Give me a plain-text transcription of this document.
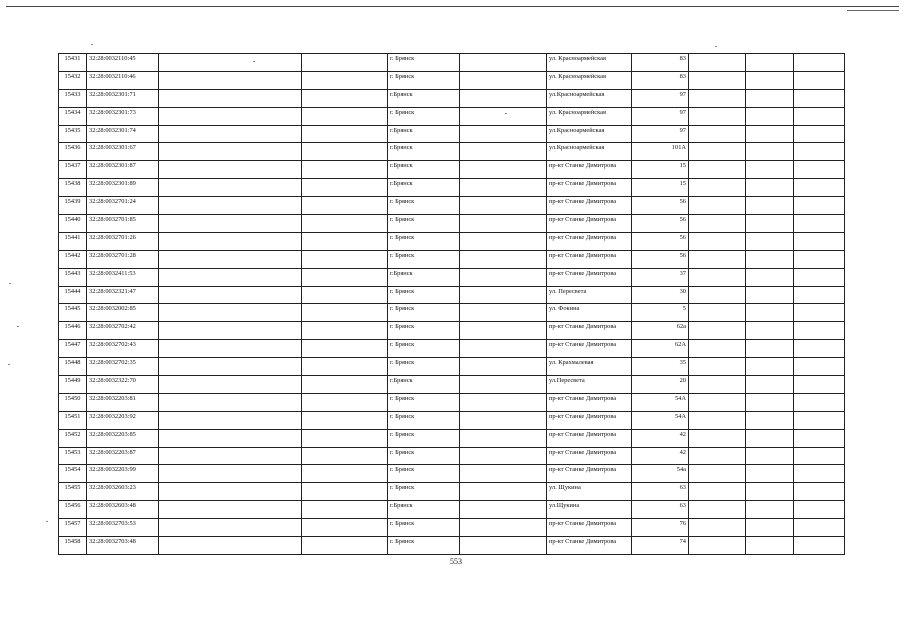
15431	32:28:0032110:45			г. Брянск		ул. Красноармейская	83			
15432	32:28:0032110:46			г. Брянск		ул. Красноармейская	83			
15433	32:28:0032301:71			г.Брянск		ул.Красноармейская	97			
15434	32:28:0032301:73			г. Брянск		ул. Красноармейская	97			
15435	32:28:0032301:74			г.Брянск		ул.Красноармейская	97			
15436	32:28:0032301:67			г.Брянск		ул.Красноармейская	101А			
15437	32:28:0032301:87			г.Брянск		пр-кт Станке Димитрова	15			
15438	32:28:0032301:89			г.Брянск		пр-кт Станке Димитрова	15			
15439	32:28:0032701:24			г. Брянск		пр-кт Станке Димитрова	56			
15440	32:28:0032701:85			г. Брянск		пр-кт Станке Димитрова	56			
15441	32:28:0032701:26			г. Брянск		пр-кт Станке Димитрова	56			
15442	32:28:0032701:28			г. Брянск		пр-кт Станке Димитрова	56			
15443	32:28:0032411:53			г.Брянск		пр-кт Станке Димитрова	37			
15444	32:28:0032321:47			г. Брянск		ул. Пересвета	30			
15445	32:28:0032002:85			г. Брянск		ул. Фокина	5			
15446	32:28:0032702:42			г. Брянск		пр-кт Станке Димитрова	62а			
15447	32:28:0032702:43			г. Брянск		пр-кт Станке Димитрова	62А			
15448	32:28:0032702:35			г. Брянск		ул. Крахмалевая	35			
15449	32:28:0032322:70			г.Брянск		ул.Пересвета	20			
15450	32:28:0032203:81			г. Брянск		пр-кт Станке Димитрова	54А			
15451	32:28:0032203:92			г. Брянск		пр-кт Станке Димитрова	54А			
15452	32:28:0032203:85			г. Брянск		пр-кт Станке Димитрова	42			
15453	32:28:0032203:87			г. Брянск		пр-кт Станке Димитрова	42			
15454	32:28:0032203:99			г. Брянск		пр-кт Станке Димитрова	54а			
15455	32:28:0032603:23			г. Брянск		ул. Щукина	63			
15456	32:28:0032603:48			г.Брянск		ул.Щукина	63			
15457	32:28:0032703:53			г. Брянск		пр-кт Станке Димитрова	76			
15458	32:28:0032703:48			г. Брянск		пр-кт Станке Димитрова	74			
553
